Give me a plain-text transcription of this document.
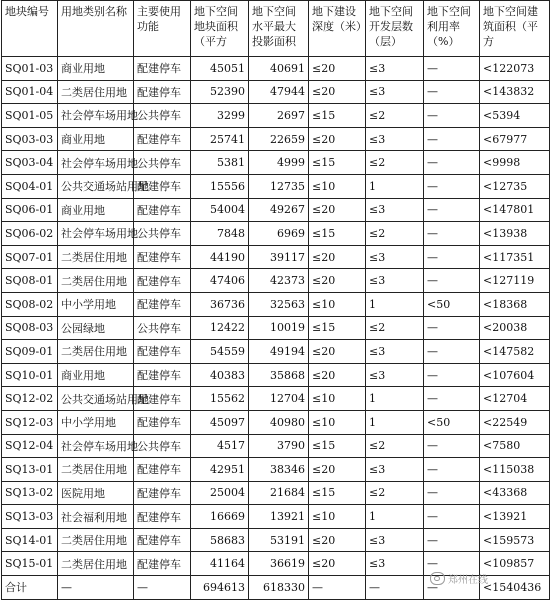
地块编号	用地类别名称	主要使用功能	地下空间地块面积（平方	地下空间水平最大投影面积	地下建设深度（米）	地下空间开发层数（层）	地下空间利用率（%）	地下空间建筑面积（平方
SQ01-03	商业用地	配建停车	45051	40691	≤20	≤3	—	<122073
SQ01-04	二类居住用地	配建停车	52390	47944	≤20	≤3	—	<143832
SQ01-05	社会停车场用地	公共停车	3299	2697	≤15	≤2	—	<5394
SQ03-03	商业用地	配建停车	25741	22659	≤20	≤3	—	<67977
SQ03-04	社会停车场用地	公共停车	5381	4999	≤15	≤2	—	<9998
SQ04-01	公共交通场站用地	配建停车	15556	12735	≤10	1	—	<12735
SQ06-01	商业用地	配建停车	54004	49267	≤20	≤3	—	<147801
SQ06-02	社会停车场用地	公共停车	7848	6969	≤15	≤2	—	<13938
SQ07-01	二类居住用地	配建停车	44190	39117	≤20	≤3	—	<117351
SQ08-01	二类居住用地	配建停车	47406	42373	≤20	≤3	—	<127119
SQ08-02	中小学用地	配建停车	36736	32563	≤10	1	<50	<18368
SQ08-03	公园绿地	公共停车	12422	10019	≤15	≤2	—	<20038
SQ09-01	二类居住用地	配建停车	54559	49194	≤20	≤3	—	<147582
SQ10-01	商业用地	配建停车	40383	35868	≤20	≤3	—	<107604
SQ12-02	公共交通场站用地	配建停车	15562	12704	≤10	1	—	<12704
SQ12-03	中小学用地	配建停车	45097	40980	≤10	1	<50	<22549
SQ12-04	社会停车场用地	公共停车	4517	3790	≤15	≤2	—	<7580
SQ13-01	二类居住用地	配建停车	42951	38346	≤20	≤3	—	<115038
SQ13-02	医院用地	配建停车	25004	21684	≤15	≤2	—	<43368
SQ13-03	社会福利用地	配建停车	16669	13921	≤10	1	—	<13921
SQ14-01	二类居住用地	配建停车	58683	53191	≤20	≤3	—	<159573
SQ15-01	二类居住用地	配建停车	41164	36619	≤20	≤3	—	<109857
合计	—	—	694613	618330	—	—	—	<1540436
郑州在线
